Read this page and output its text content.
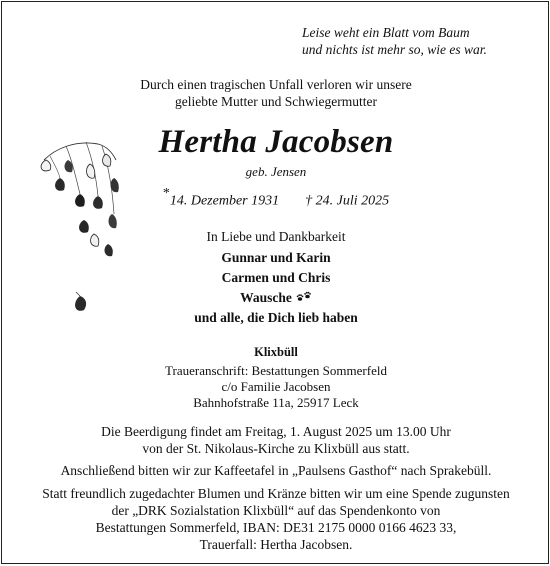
Leise weht ein Blatt vom Baum
und nichts ist mehr so, wie es war.
Durch einen tragischen Unfall verloren wir unsere
geliebte Mutter und Schwiegermutter
Hertha Jacobsen
geb. Jensen
*14. Dezember 1931 † 24. Juli 2025
In Liebe und Dankbarkeit
Gunnar und Karin
Carmen und Chris
Wausche
und alle, die Dich lieb haben
Klixbüll
Traueranschrift: Bestattungen Sommerfeld
c/o Familie Jacobsen
Bahnhofstraße 11a, 25917 Leck

Die Beerdigung findet am Freitag, 1. August 2025 um 13.00 Uhr
von der St. Nikolaus-Kirche zu Klixbüll aus statt.

Anschließend bitten wir zur Kaffeetafel in „Paulsens Gasthof“ nach Sprakebüll.

Statt freundlich zugedachter Blumen und Kränze bitten wir um eine Spende zugunsten
der „DRK Sozialstation Klixbüll“ auf das Spendenkonto von
Bestattungen Sommerfeld, IBAN: DE31 2175 0000 0166 4623 33,
Trauerfall: Hertha Jacobsen.
